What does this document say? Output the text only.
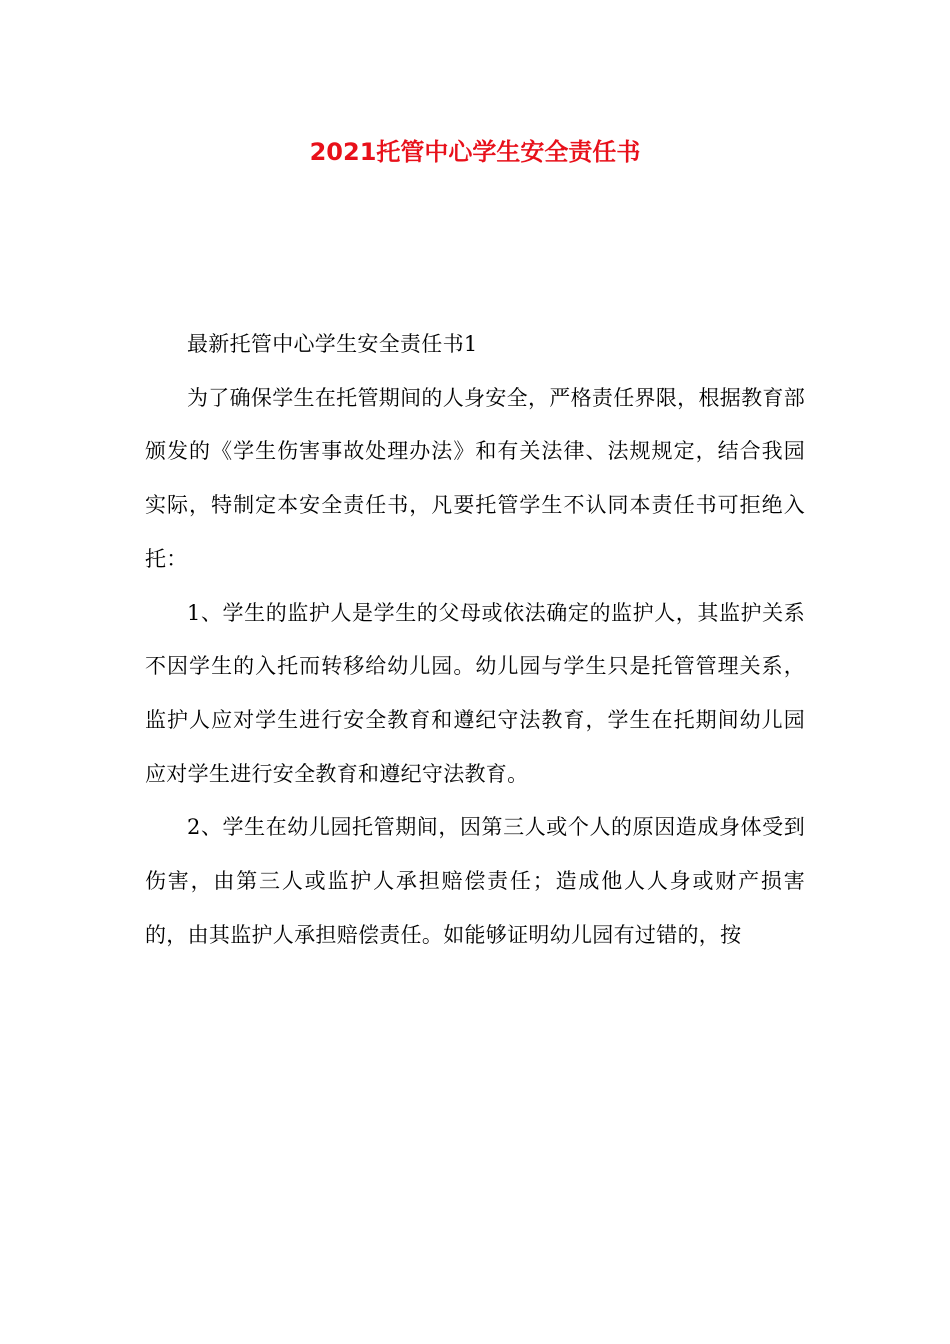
2021托管中心学生安全责任书

最新托管中心学生安全责任书1

为了确保学生在托管期间的人身安全，严格责任界限，根据教育部颁发的《学生伤害事故处理办法》和有关法律、法规规定，结合我园实际，特制定本安全责任书，凡要托管学生不认同本责任书可拒绝入托：

1、学生的监护人是学生的父母或依法确定的监护人，其监护关系不因学生的入托而转移给幼儿园。幼儿园与学生只是托管管理关系，监护人应对学生进行安全教育和遵纪守法教育，学生在托期间幼儿园应对学生进行安全教育和遵纪守法教育。

2、学生在幼儿园托管期间，因第三人或个人的原因造成身体受到伤害，由第三人或监护人承担赔偿责任；造成他人人身或财产损害的，由其监护人承担赔偿责任。如能够证明幼儿园有过错的，按
